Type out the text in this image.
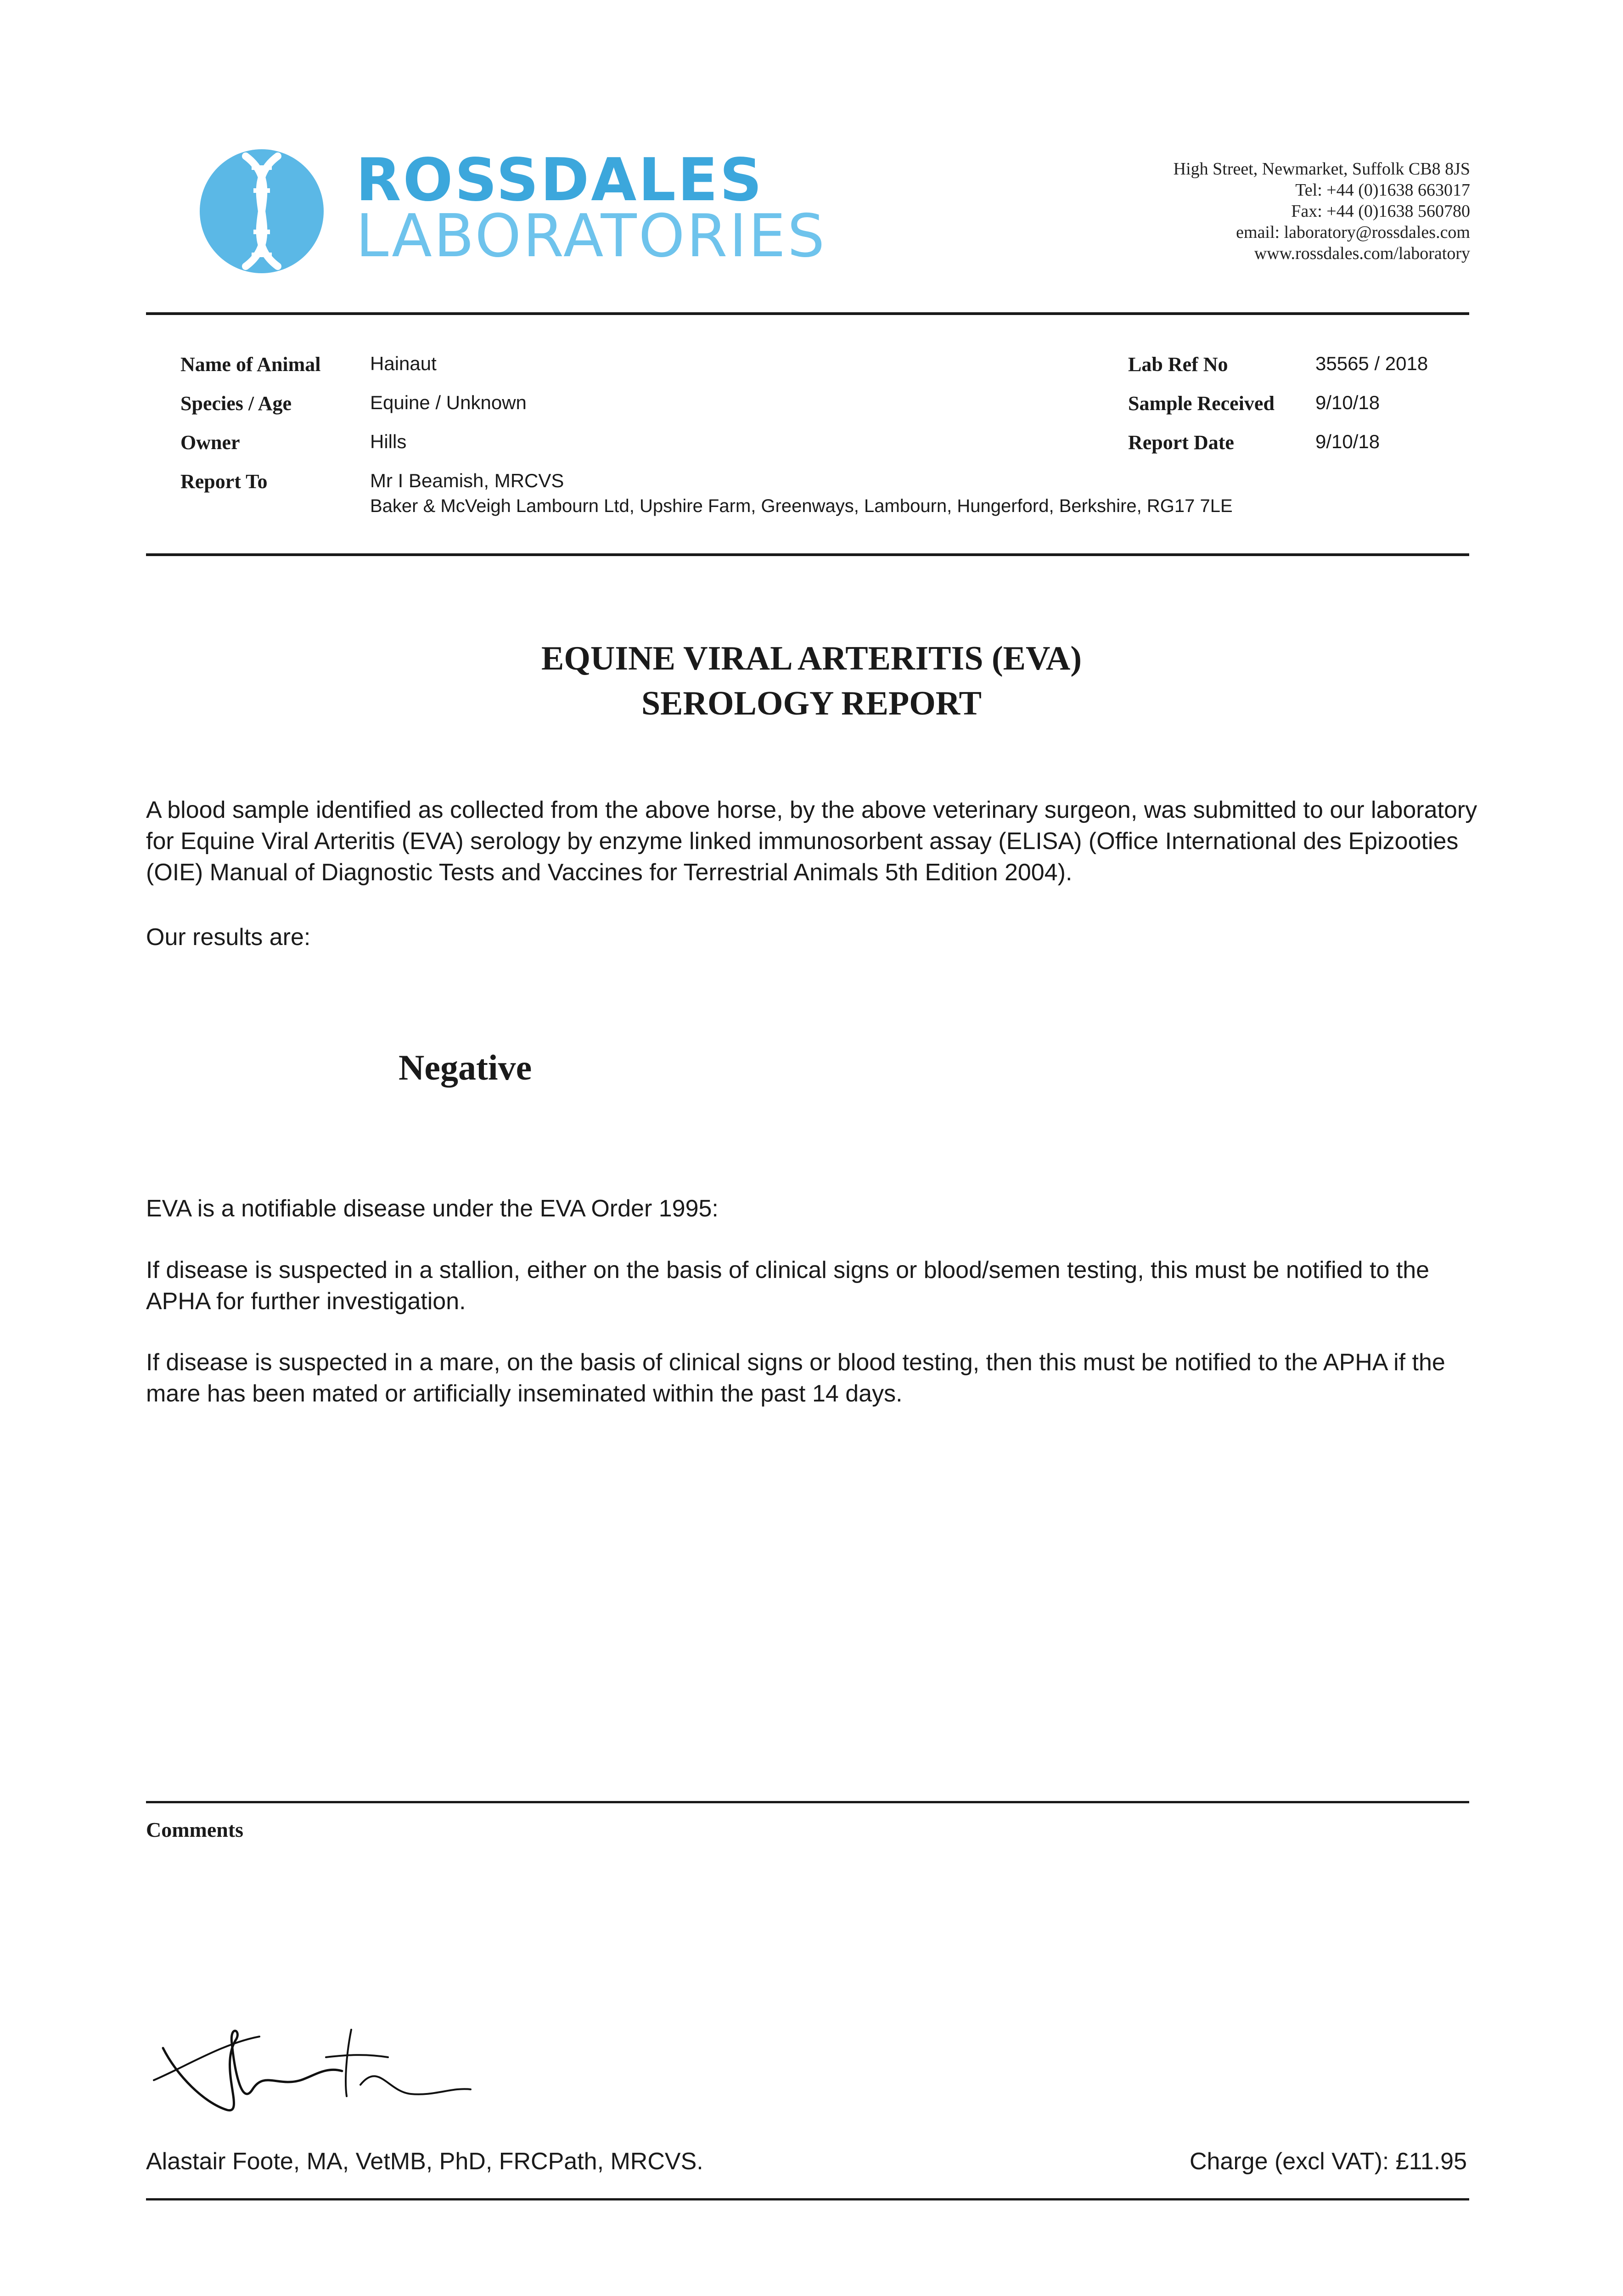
ROSSDALES
LABORATORIES
High Street, Newmarket, Suffolk CB8 8JS
Tel: +44 (0)1638 663017
Fax: +44 (0)1638 560780
email: laboratory@rossdales.com
www.rossdales.com/laboratory
Name of Animal	Hainaut
Species / Age	Equine / Unknown
Owner	Hills
Report To	Mr I Beamish, MRCVS
Baker & McVeigh Lambourn Ltd, Upshire Farm, Greenways, Lambourn, Hungerford, Berkshire, RG17 7LE
Lab Ref No	35565 / 2018
Sample Received 9/10/18
Report Date	9/10/18
EQUINE VIRAL ARTERITIS (EVA)
SEROLOGY REPORT
A blood sample identified as collected from the above horse, by the above veterinary surgeon, was submitted to our laboratory for Equine Viral Arteritis (EVA) serology by enzyme linked immunosorbent assay (ELISA) (Office International des Epizooties (OIE) Manual of Diagnostic Tests and Vaccines for Terrestrial Animals 5th Edition 2004).
Our results are:
Negative
EVA is a notifiable disease under the EVA Order 1995:
If disease is suspected in a stallion, either on the basis of clinical signs or blood/semen testing, this must be notified to the APHA for further investigation.
If disease is suspected in a mare, on the basis of clinical signs or blood testing, then this must be notified to the APHA if the mare has been mated or artificially inseminated within the past 14 days.
Comments
Alastair Foote, MA, VetMB, PhD, FRCPath, MRCVS.	Charge (excl VAT): £11.95
